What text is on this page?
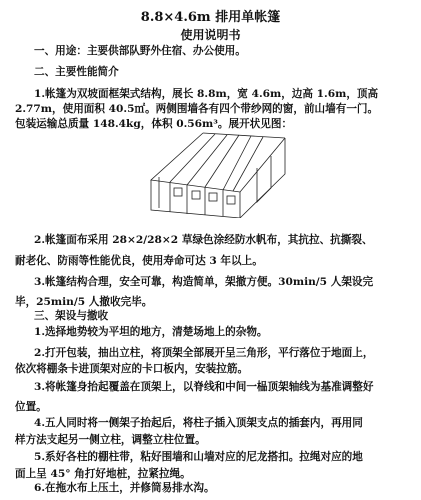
8.8×4.6m 排用单帐篷
使用说明书
一、用途：主要供部队野外住宿、办公使用。
二、主要性能简介
1.帐篷为双坡面框架式结构，展长 8.8m，宽 4.6m，边高 1.6m，顶高
2.77m，使用面积 40.5㎡。两侧围墙各有四个带纱网的窗，前山墙有一门。
包装运输总质量 148.4kg，体积 0.56m³。展开状见图：
2.帐篷面布采用 28×2/28×2 草绿色涂经防水帆布，其抗拉、抗撕裂、
耐老化、防雨等性能优良，使用寿命可达 3 年以上。
3.帐篷结构合理，安全可靠，构造简单，架撤方便。30min/5 人架设完
毕，25min/5 人撤收完毕。
三、架设与撤收
1.选择地势较为平坦的地方，清楚场地上的杂物。
2.打开包装，抽出立柱，将顶架全部展开呈三角形，平行落位于地面上，
依次将棚条卡进顶架对应的卡口板内，安装拉筋。
3.将帐篷身抬起覆盖在顶架上，以脊线和中间一榀顶架轴线为基准调整好
位置。
4.五人同时将一侧架子抬起后，将柱子插入顶架支点的插套内，再用同
样方法支起另一侧立柱，调整立柱位置。
5.系好各柱的棚柱带，粘好围墙和山墙对应的尼龙搭扣。拉绳对应的地
面上呈 45° 角打好地桩，拉紧拉绳。
6.在拖水布上压土，并修筒易排水沟。
